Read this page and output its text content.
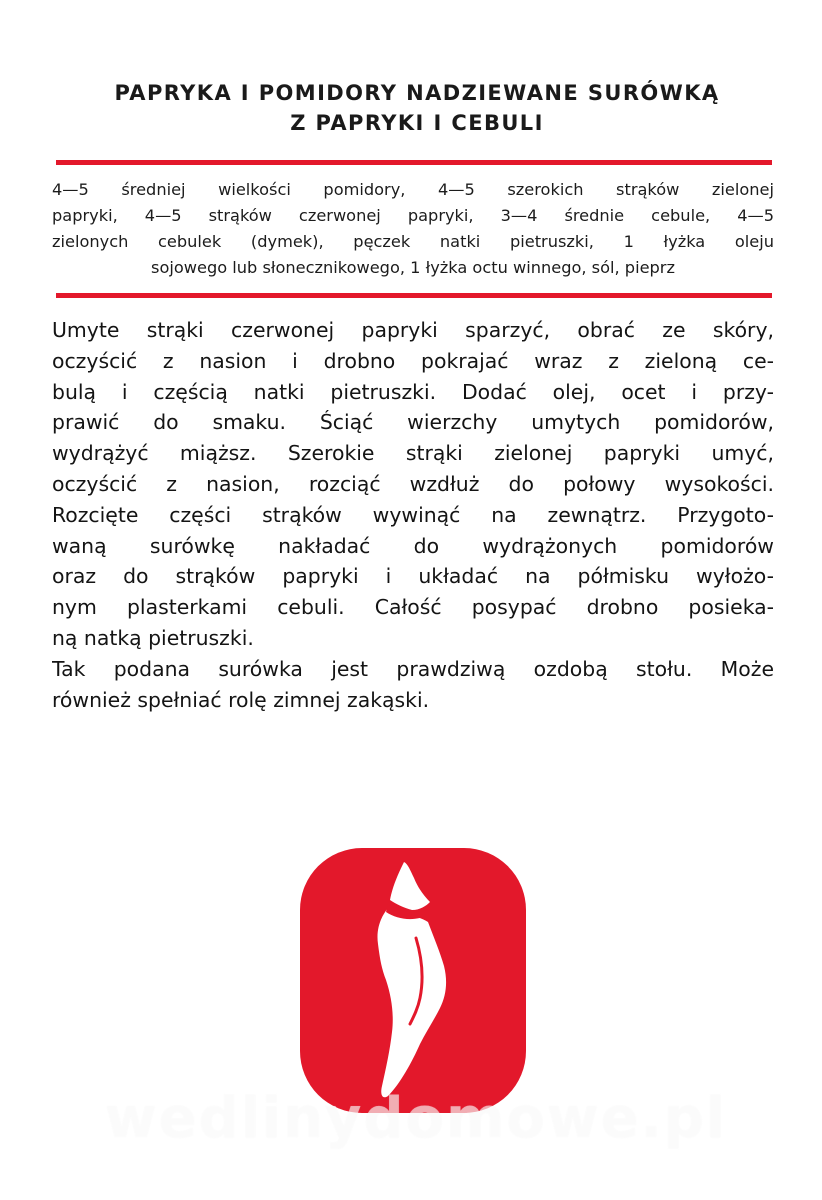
PAPRYKA I POMIDORY NADZIEWANE SURÓWKĄ
Z PAPRYKI I CEBULI
4—5 średniej wielkości pomidory, 4—5 szerokich strąków zielonej
papryki, 4—5 strąków czerwonej papryki, 3—4 średnie cebule, 4—5
zielonych cebulek (dymek), pęczek natki pietruszki, 1 łyżka oleju
sojowego lub słonecznikowego, 1 łyżka octu winnego, sól, pieprz
Umyte strąki czerwonej papryki sparzyć, obrać ze skóry,
oczyścić z nasion i drobno pokrajać wraz z zieloną ce-
bulą i częścią natki pietruszki. Dodać olej, ocet i przy-
prawić do smaku. Ściąć wierzchy umytych pomidorów,
wydrążyć miąższ. Szerokie strąki zielonej papryki umyć,
oczyścić z nasion, rozciąć wzdłuż do połowy wysokości.
Rozcięte części strąków wywinąć na zewnątrz. Przygoto-
waną surówkę nakładać do wydrążonych pomidorów
oraz do strąków papryki i układać na półmisku wyłożo-
nym plasterkami cebuli. Całość posypać drobno posieka-
ną natką pietruszki.
Tak podana surówka jest prawdziwą ozdobą stołu. Może
również spełniać rolę zimnej zakąski.
wedlinydomowe.pl
